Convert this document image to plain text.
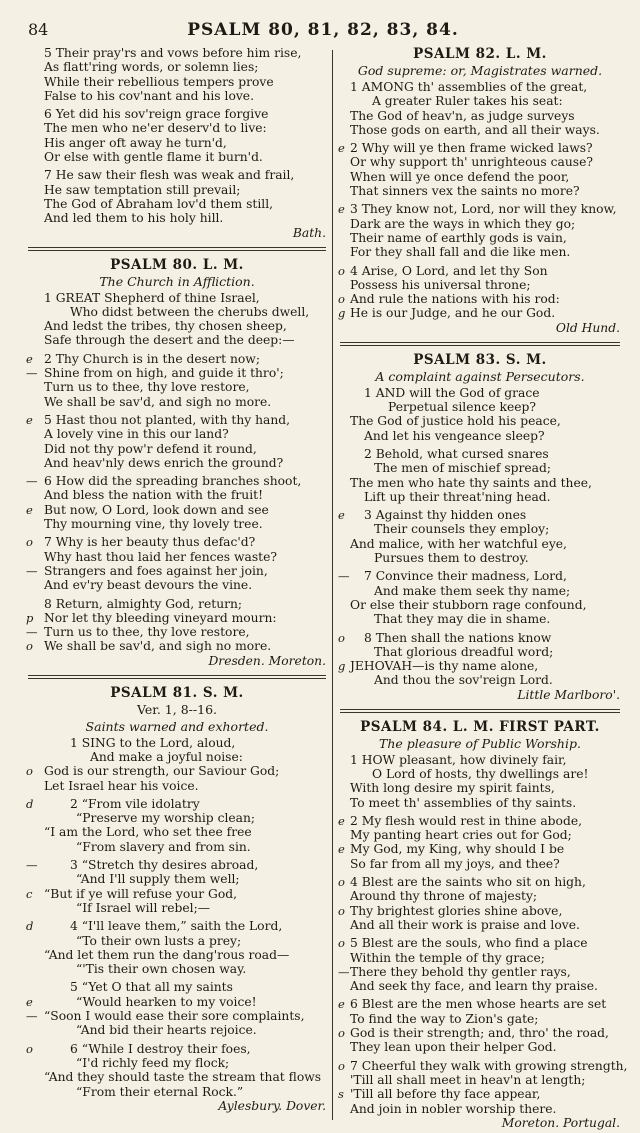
84	PSALM 80, 81, 82, 83, 84.
5 Their pray'rs and vows before him rise,
As flatt'ring words, or solemn lies;
While their rebellious tempers prove
False to his cov'nant and his love.
6 Yet did his sov'reign grace forgive
The men who ne'er deserv'd to live:
His anger oft away he turn'd,
Or else with gentle flame it burn'd.
7 He saw their flesh was weak and frail,
He saw temptation still prevail;
The God of Abraham lov'd them still,
And led them to his holy hill.
Bath.
PSALM 80. L. M.
The Church in Affliction.
1 GREAT Shepherd of thine Israel,
Who didst between the cherubs dwell,
And ledst the tribes, thy chosen sheep,
Safe through the desert and the deep:—
e 2 Thy Church is in the desert now;
— Shine from on high, and guide it thro';
Turn us to thee, thy love restore,
We shall be sav'd, and sigh no more.
e 5 Hast thou not planted, with thy hand,
A lovely vine in this our land?
Did not thy pow'r defend it round,
And heav'nly dews enrich the ground?
— 6 How did the spreading branches shoot,
And bless the nation with the fruit!
e But now, O Lord, look down and see
Thy mourning vine, thy lovely tree.
o 7 Why is her beauty thus defac'd?
Why hast thou laid her fences waste?
— Strangers and foes against her join,
And ev'ry beast devours the vine.
8 Return, almighty God, return;
p Nor let thy bleeding vineyard mourn:
— Turn us to thee, thy love restore,
o We shall be sav'd, and sigh no more.
Dresden. Moreton.
PSALM 81. S. M.
Ver. 1, 8--16.
Saints warned and exhorted.
1 SING to the Lord, aloud,
And make a joyful noise:
o God is our strength, our Saviour God;
Let Israel hear his voice.
d	2 “From vile idolatry
“Preserve my worship clean;
“I am the Lord, who set thee free
“From slavery and from sin.
—	3 “Stretch thy desires abroad,
“And I'll supply them well;
c “But if ye will refuse your God,
“If Israel will rebel;—
d	4 “I'll leave them,” saith the Lord,
“To their own lusts a prey;
“And let them run the dang'rous road—
“'Tis their own chosen way.
5 “Yet O that all my saints
e	“Would hearken to my voice!
— “Soon I would ease their sore complaints,
“And bid their hearts rejoice.
o	6 “While I destroy their foes,
“I'd richly feed my flock;
“And they should taste the stream that flows
“From their eternal Rock.”
Aylesbury. Dover.
PSALM 82. L. M.
God supreme: or, Magistrates warned.
1 AMONG th' assemblies of the great,
A greater Ruler takes his seat:
The God of heav'n, as judge surveys
Those gods on earth, and all their ways.
e 2 Why will ye then frame wicked laws?
Or why support th' unrighteous cause?
When will ye once defend the poor,
That sinners vex the saints no more?
e 3 They know not, Lord, nor will they know,
Dark are the ways in which they go;
Their name of earthly gods is vain,
For they shall fall and die like men.
o 4 Arise, O Lord, and let thy Son
Possess his universal throne;
o And rule the nations with his rod:
g He is our Judge, and he our God.
Old Hund.
PSALM 83. S. M.
A complaint against Persecutors.
1 AND will the God of grace
Perpetual silence keep?
The God of justice hold his peace,
And let his vengeance sleep?
2 Behold, what cursed snares
The men of mischief spread;
The men who hate thy saints and thee,
Lift up their threat'ning head.
e	3 Against thy hidden ones
Their counsels they employ;
And malice, with her watchful eye,
Pursues them to destroy.
—	7 Convince their madness, Lord,
And make them seek thy name;
Or else their stubborn rage confound,
That they may die in shame.
o	8 Then shall the nations know
That glorious dreadful word;
g JEHOVAH—is thy name alone,
And thou the sov'reign Lord.
Little Marlboro'.
PSALM 84. L. M. FIRST PART.
The pleasure of Public Worship.
1 HOW pleasant, how divinely fair,
O Lord of hosts, thy dwellings are!
With long desire my spirit faints,
To meet th' assemblies of thy saints.
e 2 My flesh would rest in thine abode,
My panting heart cries out for God;
e My God, my King, why should I be
So far from all my joys, and thee?
o 4 Blest are the saints who sit on high,
Around thy throne of majesty;
o Thy brightest glories shine above,
And all their work is praise and love.
o 5 Blest are the souls, who find a place
Within the temple of thy grace;
— There they behold thy gentler rays,
And seek thy face, and learn thy praise.
e 6 Blest are the men whose hearts are set
To find the way to Zion's gate;
o God is their strength; and, thro' the road,
They lean upon their helper God.
o 7 Cheerful they walk with growing strength,
'Till all shall meet in heav'n at length;
s 'Till all before thy face appear,
And join in nobler worship there.
Moreton. Portugal.
